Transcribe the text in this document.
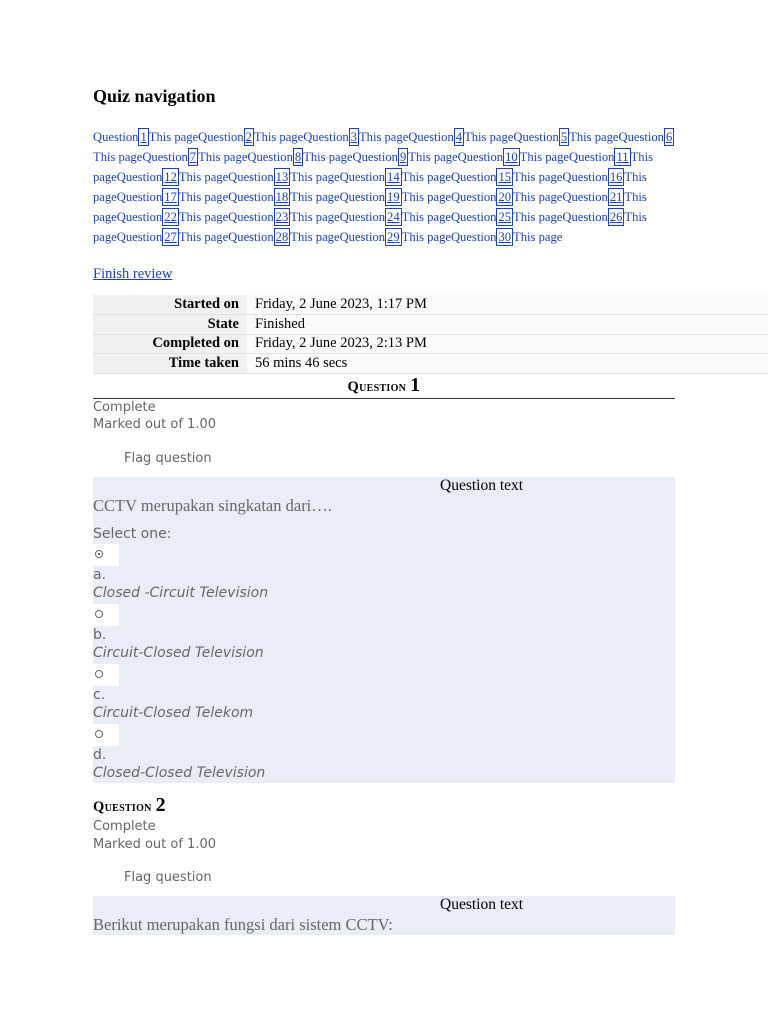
Quiz navigation
Question 1 This pageQuestion 2 This pageQuestion 3 This pageQuestion 4 This pageQuestion 5 This pageQuestion 6This pageQuestion 7 This pageQuestion 8 This pageQuestion 9 This pageQuestion 10 This pageQuestion 11 This pageQuestion 12 This pageQuestion 13 This pageQuestion 14 This pageQuestion 15 This pageQuestion 16 This pageQuestion 17 This pageQuestion 18 This pageQuestion 19 This pageQuestion 20 This pageQuestion 21 This pageQuestion 22 This pageQuestion 23 This pageQuestion 24 This pageQuestion 25 This pageQuestion 26 This pageQuestion 27 This pageQuestion 28 This pageQuestion 29 This pageQuestion 30 This page
Finish review
Started on	Friday, 2 June 2023, 1:17 PM
State	Finished
Completed on	Friday, 2 June 2023, 2:13 PM
Time taken	56 mins 46 secs
Question 1
Complete
Marked out of 1.00
Flag question
Question text
CCTV merupakan singkatan dari….
Select one:
a.
Closed -Circuit Television
b.
Circuit-Closed Television
c.
Circuit-Closed Telekom
d.
Closed-Closed Television
Question 2
Complete
Marked out of 1.00
Flag question
Question text
Berikut merupakan fungsi dari sistem CCTV:
